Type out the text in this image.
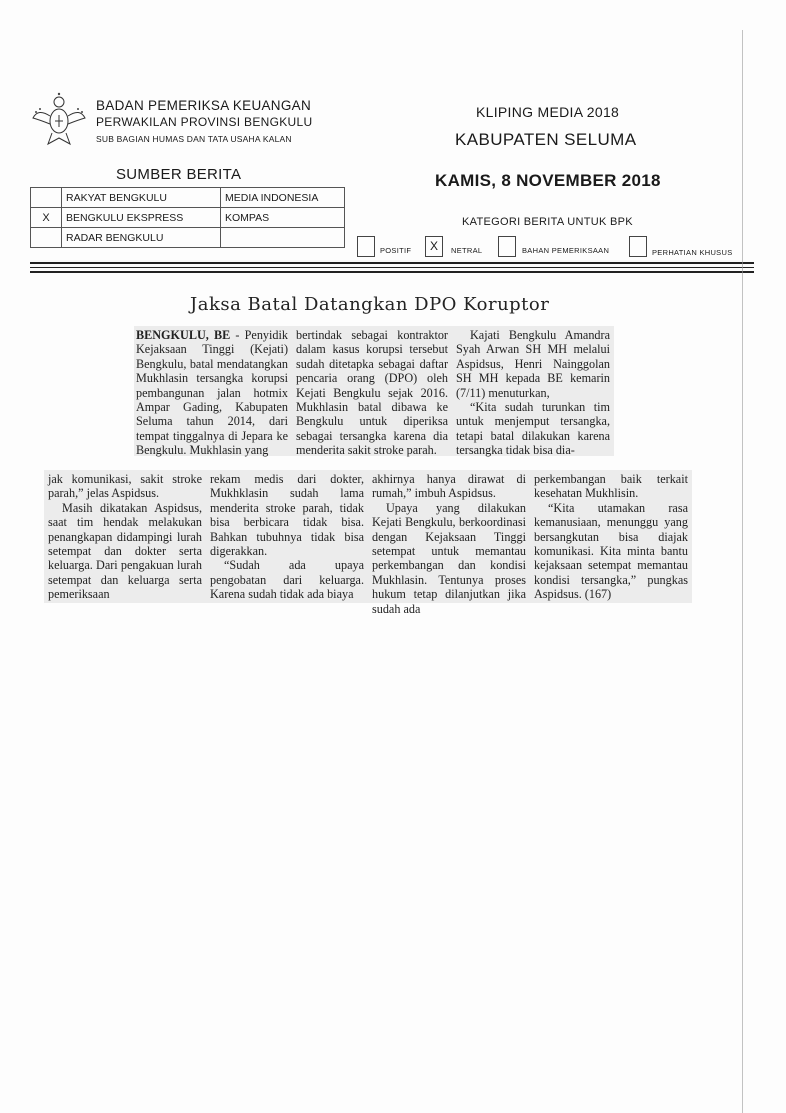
BADAN PEMERIKSA KEUANGAN
PERWAKILAN PROVINSI BENGKULU
SUB BAGIAN HUMAS DAN TATA USAHA KALAN
KLIPING MEDIA 2018
KABUPATEN SELUMA
KAMIS, 8 NOVEMBER 2018
SUMBER BERITA
	RAKYAT BENGKULU	MEDIA INDONESIA
X	BENGKULU EKSPRESS	KOMPAS
	RADAR BENGKULU	
KATEGORI BERITA UNTUK BPK
POSITIF	X	NETRAL	BAHAN PEMERIKSAAN	PERHATIAN KHUSUS
Jaksa Batal Datangkan DPO Koruptor
BENGKULU, BE - Penyidik Kejaksaan Tinggi (Kejati) Bengkulu, batal mendatangkan Mukhlasin tersangka korupsi pembangunan jalan hotmix Ampar Gading, Kabupaten Seluma tahun 2014, dari tempat tinggalnya di Jepara ke Bengkulu. Mukhlasin yang
bertindak sebagai kontraktor dalam kasus korupsi tersebut sudah ditetapka sebagai daftar pencaria orang (DPO) oleh Kejati Bengkulu sejak 2016. Mukhlasin batal dibawa ke Bengkulu untuk diperiksa sebagai tersangka karena dia menderita sakit stroke parah.
Kajati Bengkulu Amandra Syah Arwan SH MH melalui Aspidsus, Henri Nainggolan SH MH kepada BE kemarin (7/11) menuturkan,
“Kita sudah turunkan tim untuk menjemput tersangka, tetapi batal dilakukan karena tersangka tidak bisa dia-
jak komunikasi, sakit stroke parah,” jelas Aspidsus.
Masih dikatakan Aspidsus, saat tim hendak melakukan penangkapan didampingi lurah setempat dan dokter serta keluarga. Dari pengakuan lurah setempat dan keluarga serta pemeriksaan
rekam medis dari dokter, Mukhklasin sudah lama menderita stroke parah, tidak bisa berbicara tidak bisa. Bahkan tubuhnya tidak bisa digerakkan.
“Sudah ada upaya pengobatan dari keluarga. Karena sudah tidak ada biaya
akhirnya hanya dirawat di rumah,” imbuh Aspidsus.
Upaya yang dilakukan Kejati Bengkulu, berkoordinasi dengan Kejaksaan Tinggi setempat untuk memantau perkembangan dan kondisi Mukhlasin. Tentunya proses hukum tetap dilanjutkan jika sudah ada
perkembangan baik terkait kesehatan Mukhlisin.
“Kita utamakan rasa kemanusiaan, menunggu yang bersangkutan bisa diajak komunikasi. Kita minta bantu kejaksaan setempat memantau kondisi tersangka,” pungkas Aspidsus. (167)
